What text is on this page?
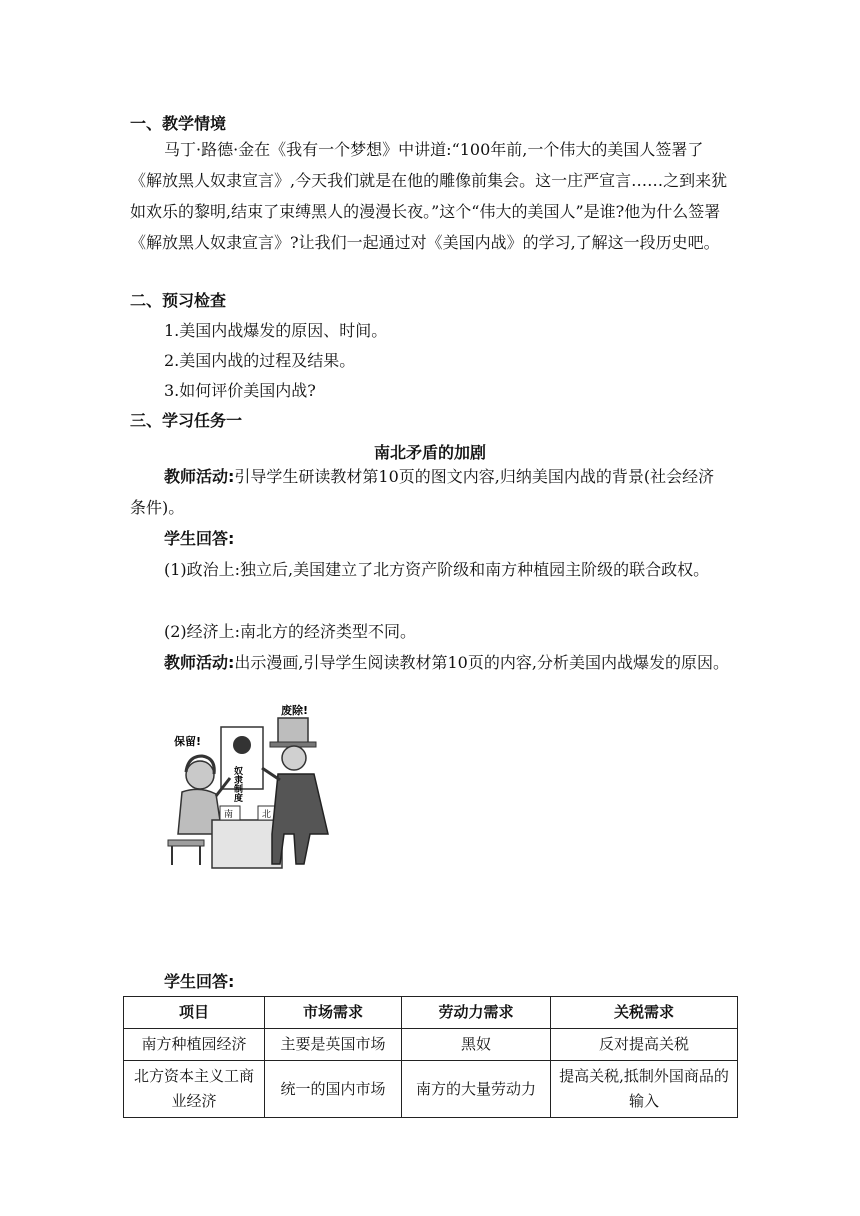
一、教学情境
马丁·路德·金在《我有一个梦想》中讲道:“100年前,一个伟大的美国人签署了《解放黑人奴隶宣言》,今天我们就是在他的雕像前集会。这一庄严宣言……之到来犹如欢乐的黎明,结束了束缚黑人的漫漫长夜。”这个“伟大的美国人”是谁?他为什么签署《解放黑人奴隶宣言》?让我们一起通过对《美国内战》的学习,了解这一段历史吧。
二、预习检查
1.美国内战爆发的原因、时间。
2.美国内战的过程及结果。
3.如何评价美国内战?
三、学习任务一
南北矛盾的加剧
教师活动:引导学生研读教材第10页的图文内容,归纳美国内战的背景(社会经济条件)。
学生回答:
(1)政治上:独立后,美国建立了北方资产阶级和南方种植园主阶级的联合政权。
(2)经济上:南北方的经济类型不同。
教师活动:出示漫画,引导学生阅读教材第10页的内容,分析美国内战爆发的原因。
保留!
废除!
奴隶制度
南	北
学生回答:
项目	市场需求	劳动力需求	关税需求
南方种植园经济	主要是英国市场	黑奴	反对提高关税
北方资本主义工商业经济	统一的国内市场	南方的大量劳动力	提高关税,抵制外国商品的输入
